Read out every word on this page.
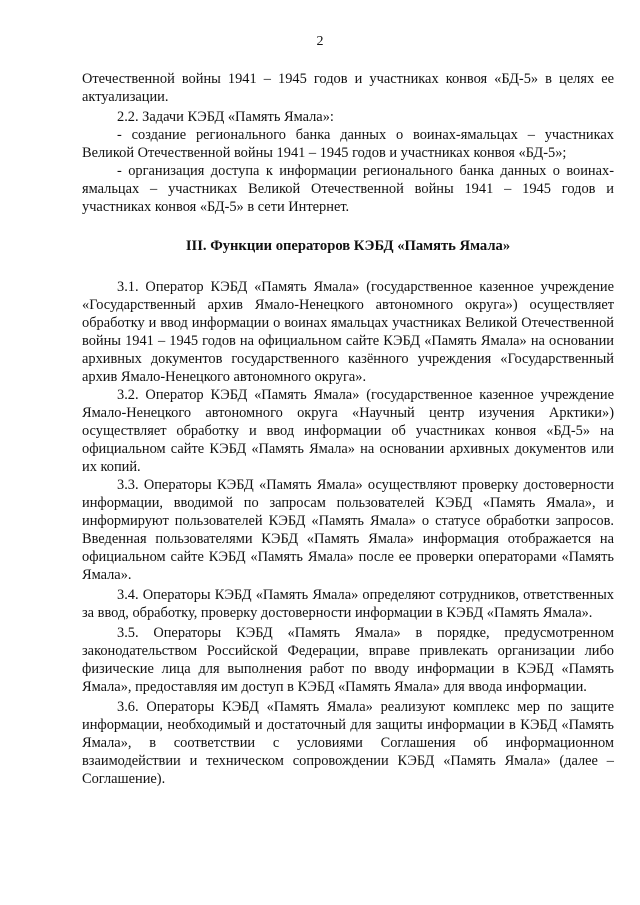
2

Отечественной войны 1941 – 1945 годов и участниках конвоя «БД-5» в целях ее актуализации.

2.2. Задачи КЭБД «Память Ямала»:

- создание регионального банка данных о воинах-ямальцах – участниках Великой Отечественной войны 1941 – 1945 годов и участниках конвоя «БД-5»;

- организация доступа к информации регионального банка данных о воинах-ямальцах – участниках Великой Отечественной войны 1941 – 1945 годов и участниках конвоя «БД-5» в сети Интернет.

III. Функции операторов КЭБД «Память Ямала»

3.1. Оператор КЭБД «Память Ямала» (государственное казенное учреждение «Государственный архив Ямало-Ненецкого автономного округа») осуществляет обработку и ввод информации о воинах ямальцах участниках Великой Отечественной войны 1941 – 1945 годов на официальном сайте КЭБД «Память Ямала» на основании архивных документов государственного казённого учреждения «Государственный архив Ямало-Ненецкого автономного округа».

3.2. Оператор КЭБД «Память Ямала» (государственное казенное учреждение Ямало-Ненецкого автономного округа «Научный центр изучения Арктики») осуществляет обработку и ввод информации об участниках конвоя «БД-5» на официальном сайте КЭБД «Память Ямала» на основании архивных документов или их копий.

3.3. Операторы КЭБД «Память Ямала» осуществляют проверку достоверности информации, вводимой по запросам пользователей КЭБД «Память Ямала», и информируют пользователей КЭБД «Память Ямала» о статусе обработки запросов. Введенная пользователями КЭБД «Память Ямала» информация отображается на официальном сайте КЭБД «Память Ямала» после ее проверки операторами «Память Ямала».

3.4. Операторы КЭБД «Память Ямала» определяют сотрудников, ответственных за ввод, обработку, проверку достоверности информации в КЭБД «Память Ямала».

3.5. Операторы КЭБД «Память Ямала» в порядке, предусмотренном законодательством Российской Федерации, вправе привлекать организации либо физические лица для выполнения работ по вводу информации в КЭБД «Память Ямала», предоставляя им доступ в КЭБД «Память Ямала» для ввода информации.

3.6. Операторы КЭБД «Память Ямала» реализуют комплекс мер по защите информации, необходимый и достаточный для защиты информации в КЭБД «Память Ямала», в соответствии с условиями Соглашения об информационном взаимодействии и техническом сопровождении КЭБД «Память Ямала» (далее – Соглашение).
